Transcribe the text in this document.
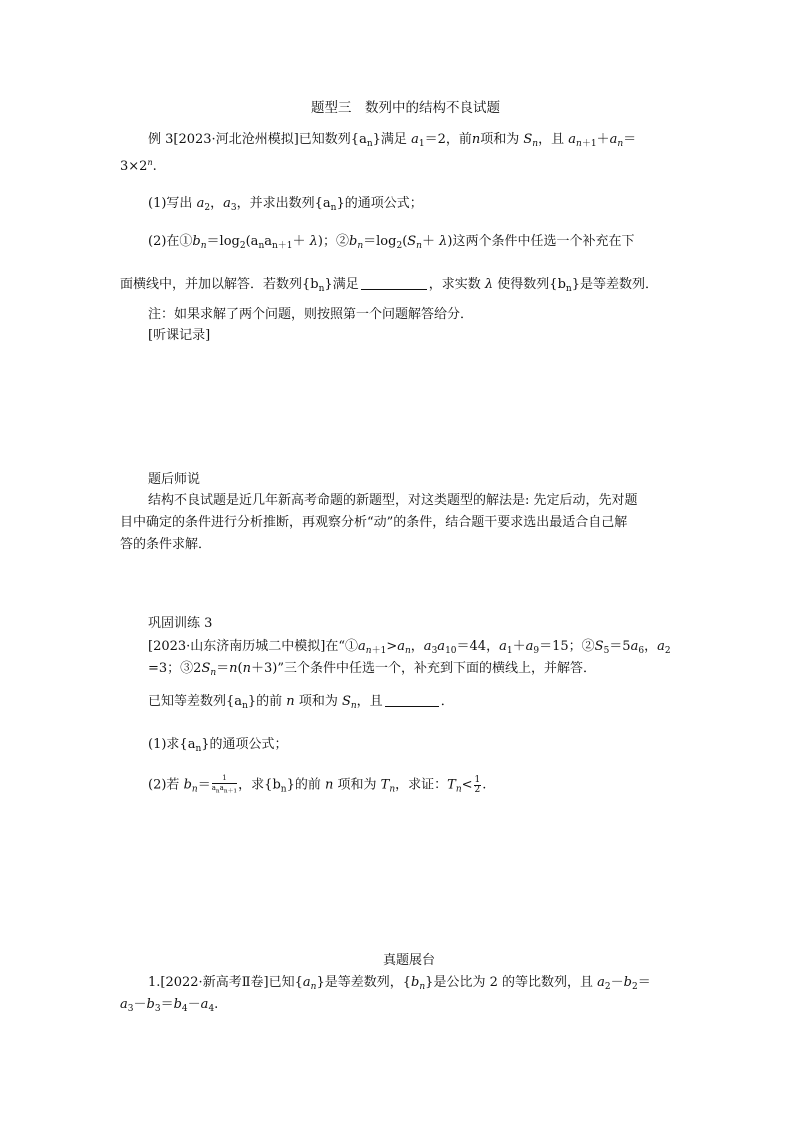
题型三　数列中的结构不良试题
例 3[2023·河北沧州模拟]已知数列$\{a_n\}$满足 $a_1=2$，前n项和为 $S_n$，且 $a_{n+1}+a_n=$
$3\times 2^n$.
(1)写出 $a_2$，$a_3$，并求出数列$\{a_n\}$的通项公式；
(2)在$①b_n=\log_2(a_na_{n+1}+ \lambda)$；$②b_n=\log_2(S_n+ \lambda)$这两个条件中任选一个补充在下
面横线中，并加以解答．若数列$\{b_n\}$满足	，求实数 λ 使得数列$\{b_n\}$是等差数列．
注：如果求解了两个问题，则按照第一个问题解答给分．
[听课记录]
题后师说
结构不良试题是近几年新高考命题的新题型，对这类题型的解法是: 先定后动，先对题
目中确定的条件进行分析推断，再观察分析“动”的条件，结合题干要求选出最适合自己解
答的条件求解．
巩固训练 3
[2023·山东济南历城二中模拟]在“$①a_{n+1}>a_n$，$a_3a_{10}=44$，$a_1+a_9=15$；$②S_5=5a_6$，$a_2$
=3；$③2S_n=n(n+3)$”三个条件中任选一个，补充到下面的横线上，并解答．
已知等差数列$\{a_n\}$的前 n 项和为 $S_n$，且	．
(1)求$\{a_n\}$的通项公式；
(2)若 $b_n= \frac{1}{a_na_{n+1}}$ ，求$\{b_n\}$的前 n 项和为 $T_n$，求证：$T_n< \frac{1}{2}$ .
真题展台
1.[2022·新高考Ⅱ卷]已知$\{a_n\}$是等差数列，$\{b_n\}$是公比为 2 的等比数列，且 $a_2-b_2=$
$a_3-b_3=b_4-a_4$.
